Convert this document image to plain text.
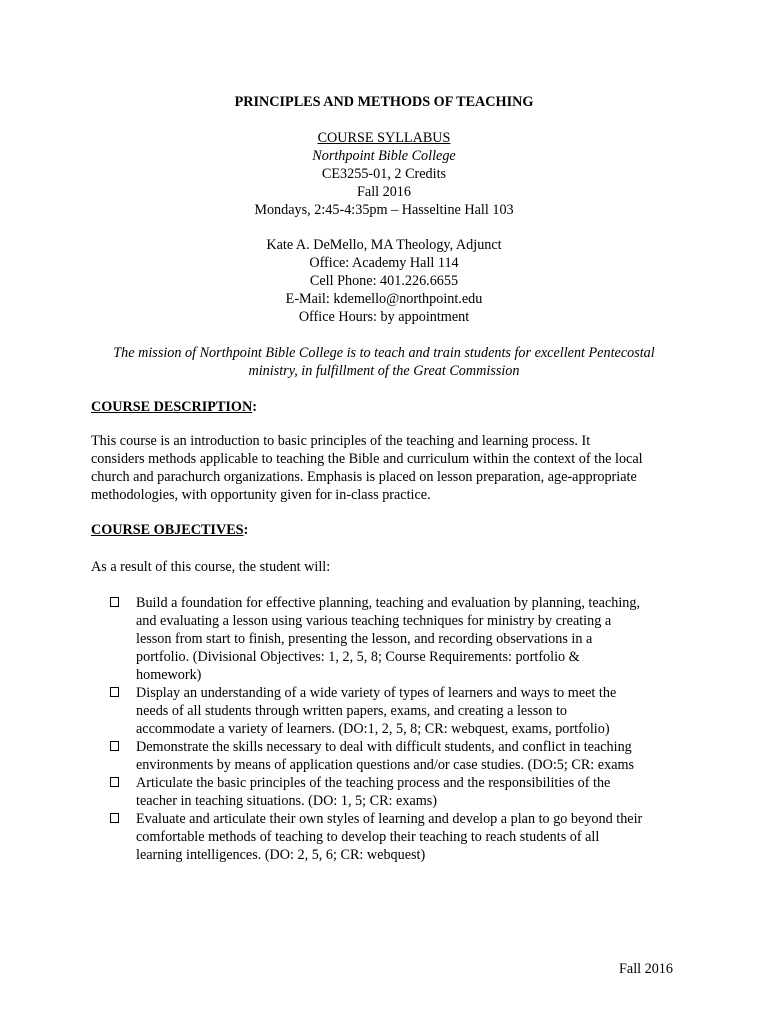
PRINCIPLES AND METHODS OF TEACHING
COURSE SYLLABUS
Northpoint Bible College
CE3255-01, 2 Credits
Fall 2016
Mondays, 2:45-4:35pm – Hasseltine Hall 103
Kate A. DeMello, MA Theology, Adjunct
Office: Academy Hall 114
Cell Phone: 401.226.6655
E-Mail: kdemello@northpoint.edu
Office Hours: by appointment
The mission of Northpoint Bible College is to teach and train students for excellent Pentecostal
ministry, in fulfillment of the Great Commission
COURSE DESCRIPTION:
This course is an introduction to basic principles of the teaching and learning process. It
considers methods applicable to teaching the Bible and curriculum within the context of the local
church and parachurch organizations. Emphasis is placed on lesson preparation, age-appropriate
methodologies, with opportunity given for in-class practice.
COURSE OBJECTIVES:
As a result of this course, the student will:
Build a foundation for effective planning, teaching and evaluation by planning, teaching,
and evaluating a lesson using various teaching techniques for ministry by creating a
lesson from start to finish, presenting the lesson, and recording observations in a
portfolio. (Divisional Objectives: 1, 2, 5, 8; Course Requirements: portfolio &
homework)
Display an understanding of a wide variety of types of learners and ways to meet the
needs of all students through written papers, exams, and creating a lesson to
accommodate a variety of learners. (DO:1, 2, 5, 8; CR: webquest, exams, portfolio)
Demonstrate the skills necessary to deal with difficult students, and conflict in teaching
environments by means of application questions and/or case studies. (DO:5; CR: exams
Articulate the basic principles of the teaching process and the responsibilities of the
teacher in teaching situations. (DO: 1, 5; CR: exams)
Evaluate and articulate their own styles of learning and develop a plan to go beyond their
comfortable methods of teaching to develop their teaching to reach students of all
learning intelligences. (DO: 2, 5, 6; CR: webquest)
Fall 2016
